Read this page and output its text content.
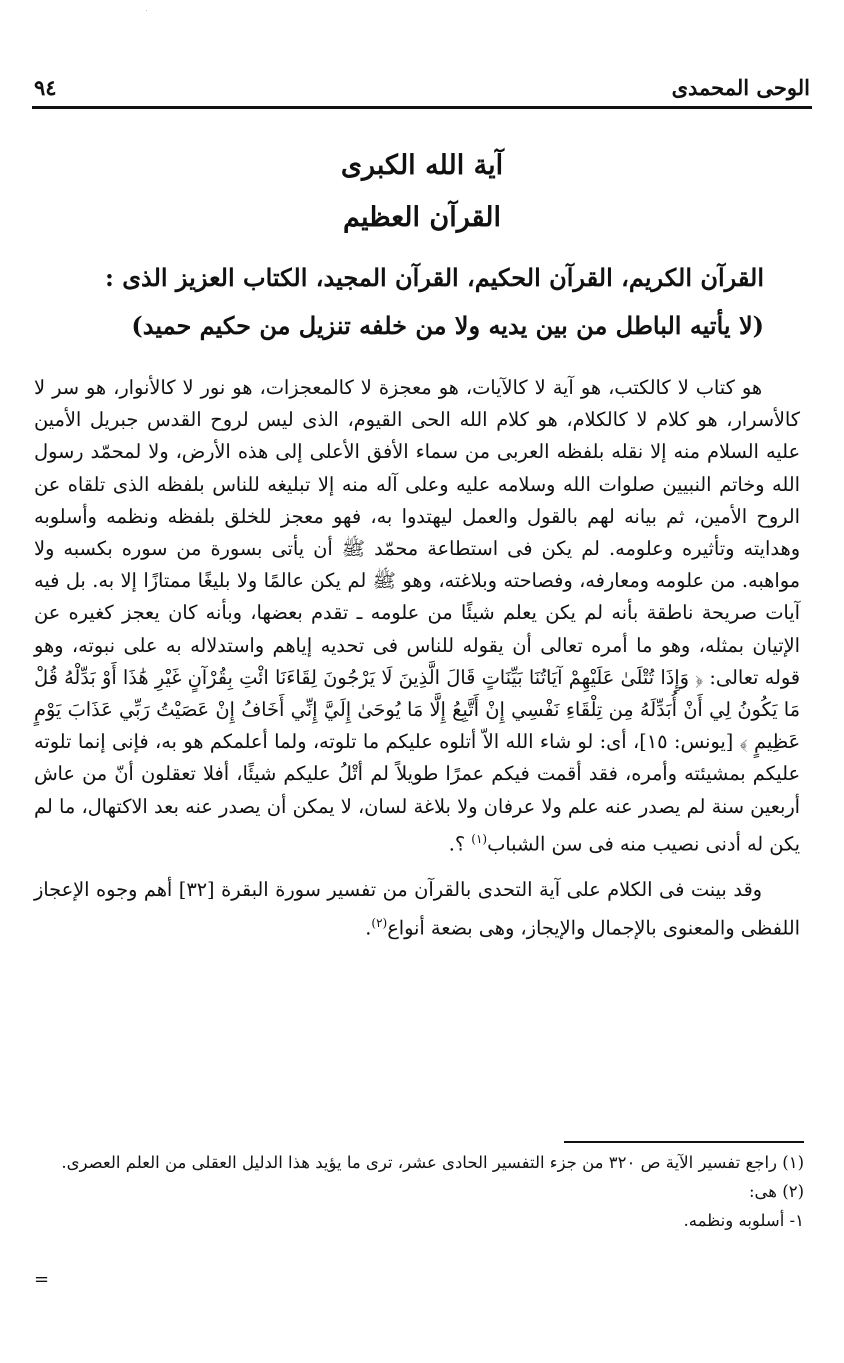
الوحى المحمدى
٩٤
آية الله الكبرى
القرآن العظيم
القرآن الكريم، القرآن الحكيم، القرآن المجيد، الكتاب العزيز الذى :
(لا يأتيه الباطل من بين يديه ولا من خلفه تنزيل من حكيم حميد)

هو كتاب لا كالكتب، هو آية لا كالآيات، هو معجزة لا كالمعجزات، هو نور لا كالأنوار، هو سر لا كالأسرار، هو كلام لا كالكلام، هو كلام الله الحى القيوم، الذى ليس لروح القدس جبريل الأمين عليه السلام منه إلا نقله بلفظه العربى من سماء الأفق الأعلى إلى هذه الأرض، ولا لمحمّد رسول الله وخاتم النبيين صلوات الله وسلامه عليه وعلى آله منه إلا تبليغه للناس بلفظه الذى تلقاه عن الروح الأمين، ثم بيانه لهم بالقول والعمل ليهتدوا به، فهو معجز للخلق بلفظه ونظمه وأسلوبه وهدايته وتأثيره وعلومه. لم يكن فى استطاعة محمّد ﷺ أن يأتى بسورة من سوره بكسبه ولا مواهبه. من علومه ومعارفه، وفصاحته وبلاغته، وهو ﷺ لم يكن عالمًا ولا بليغًا ممتازًا إلا به. بل فيه آيات صريحة ناطقة بأنه لم يكن يعلم شيئًا من علومه ـ تقدم بعضها، وبأنه كان يعجز كغيره عن الإتيان بمثله، وهو ما أمره تعالى أن يقوله للناس فى تحديه إياهم واستدلاله به على نبوته، وهو قوله تعالى: ﴿ وَإِذَا تُتْلَىٰ عَلَيْهِمْ آيَاتُنَا بَيِّنَاتٍ قَالَ الَّذِينَ لَا يَرْجُونَ لِقَاءَنَا ائْتِ بِقُرْآنٍ غَيْرِ هَٰذَا أَوْ بَدِّلْهُ قُلْ مَا يَكُونُ لِي أَنْ أُبَدِّلَهُ مِن تِلْقَاءِ نَفْسِي إِنْ أَتَّبِعُ إِلَّا مَا يُوحَىٰ إِلَيَّ إِنِّي أَخَافُ إِنْ عَصَيْتُ رَبِّي عَذَابَ يَوْمٍ عَظِيمٍ ﴾ [يونس: ١٥]، أى: لو شاء الله الاّ أتلوه عليكم ما تلوته، ولما أعلمكم هو به، فإنى إنما تلوته عليكم بمشيئته وأمره، فقد أقمت فيكم عمرًا طويلاً لم أتْلُ عليكم شيئًا، أفلا تعقلون أنّ من عاش أربعين سنة لم يصدر عنه علم ولا عرفان ولا بلاغة لسان، لا يمكن أن يصدر عنه بعد الاكتهال، ما لم يكن له أدنى نصيب منه فى سن الشباب$^{(١)}$ ؟.

وقد بينت فى الكلام على آية التحدى بالقرآن من تفسير سورة البقرة [٣٢] أهم وجوه الإعجاز اللفظى والمعنوى بالإجمال والإيجاز، وهى بضعة أنواع$^{(٢)}$.

(١) راجع تفسير الآية ص ٣٢٠ من جزء التفسير الحادى عشر، ترى ما يؤيد هذا الدليل العقلى من العلم العصرى.
(٢) هى:
١- أسلوبه ونظمه.
=
